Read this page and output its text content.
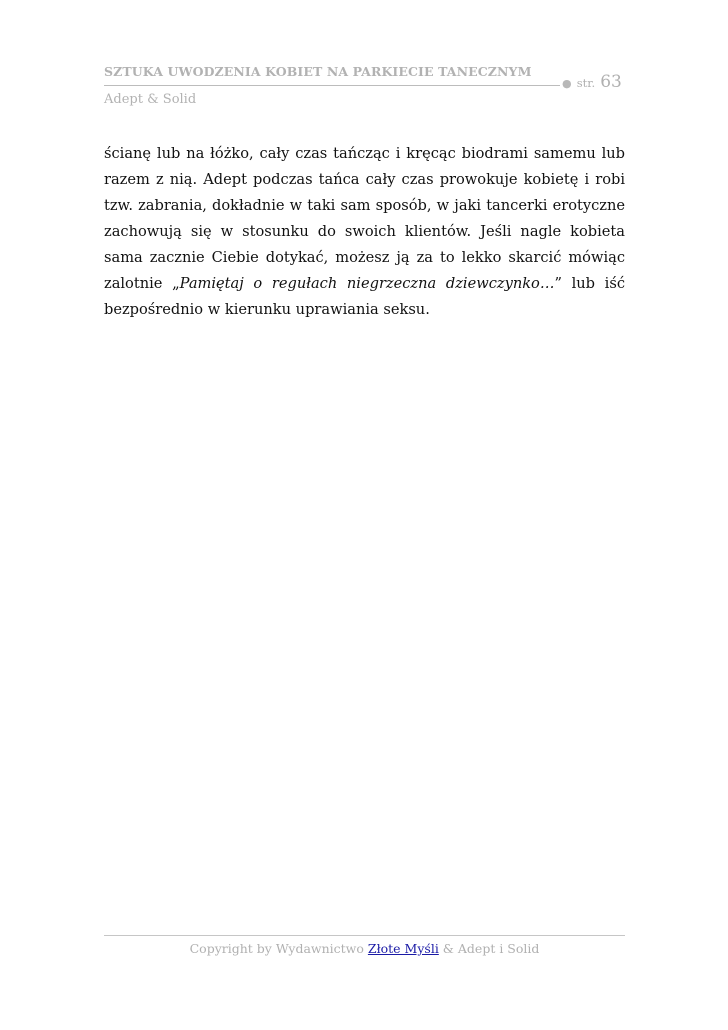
SZTUKA UWODZENIA KOBIET NA PARKIECIE TANECZNYM
● str. 63
Adept & Solid

ścianę lub na łóżko, cały czas tańcząc i kręcąc biodrami samemu lub razem z nią. Adept podczas tańca cały czas prowokuje kobietę i robi tzw. zabrania, dokładnie w taki sam sposób, w jaki tancerki erotyczne zachowują się w stosunku do swoich klientów. Jeśli nagle kobieta sama zacznie Ciebie dotykać, możesz ją za to lekko skarcić mówiąc zalotnie „Pamiętaj o regułach niegrzeczna dziewczynko…” lub iść bezpośrednio w kierunku uprawiania seksu.

Copyright by Wydawnictwo Złote Myśli & Adept i Solid
